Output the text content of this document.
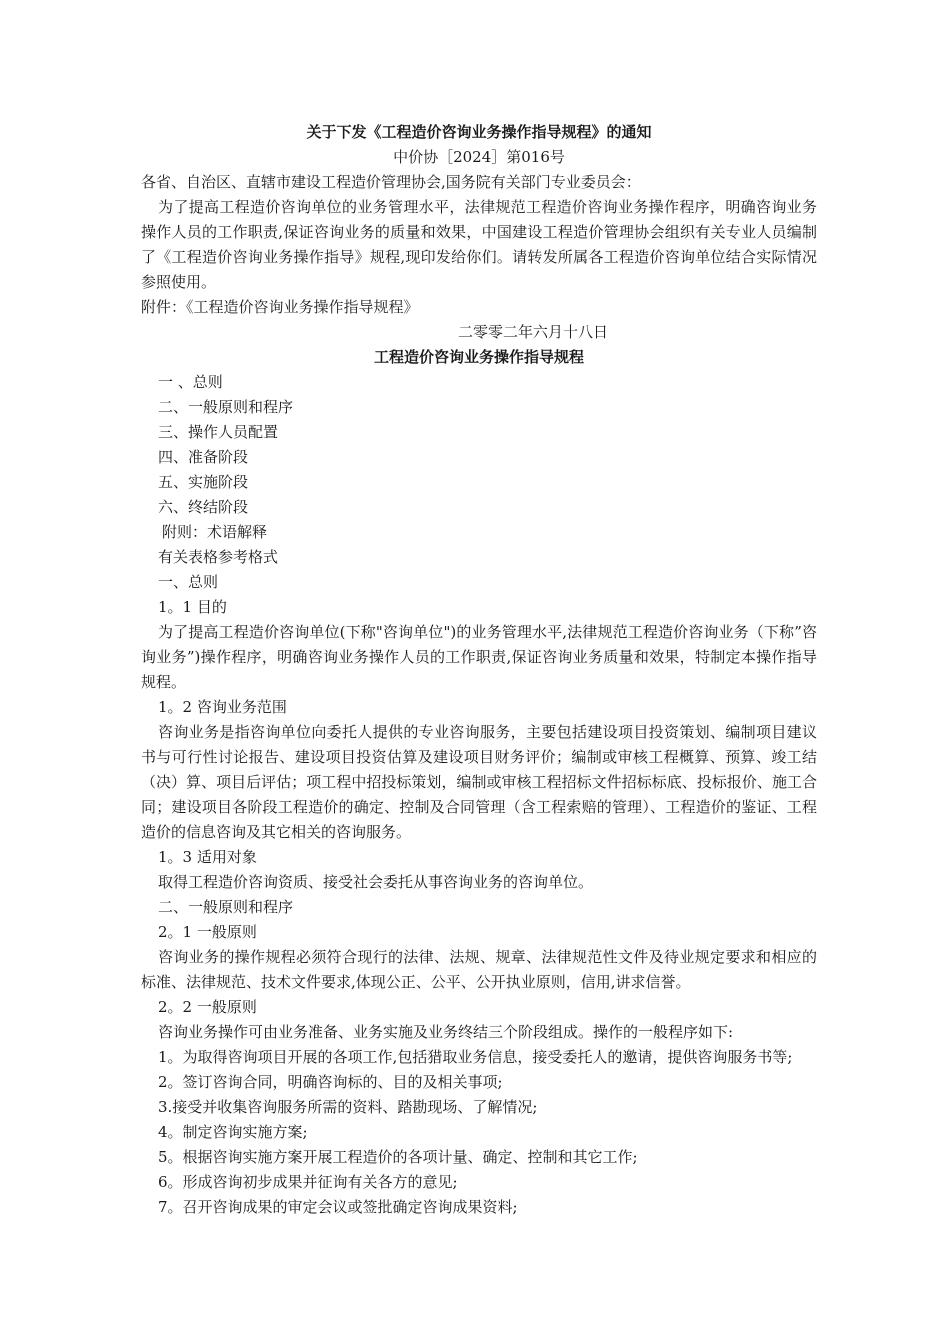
关于下发《工程造价咨询业务操作指导规程》的通知
中价协［2024］第016号
各省、自治区、直辖市建设工程造价管理协会,国务院有关部门专业委员会：
为了提高工程造价咨询单位的业务管理水平，法律规范工程造价咨询业务操作程序，明确咨询业务操作人员的工作职责,保证咨询业务的质量和效果，中国建设工程造价管理协会组织有关专业人员编制了《工程造价咨询业务操作指导》规程,现印发给你们。请转发所属各工程造价咨询单位结合实际情况参照使用。
附件：《工程造价咨询业务操作指导规程》
二零零二年六月十八日
工程造价咨询业务操作指导规程
一 、总则
二、一般原则和程序
三、操作人员配置
四、准备阶段
五、实施阶段
六、终结阶段
附则：术语解释
有关表格参考格式
一、总则
1。1 目的
为了提高工程造价咨询单位(下称"咨询单位")的业务管理水平,法律规范工程造价咨询业务（下称”咨询业务”)操作程序，明确咨询业务操作人员的工作职责,保证咨询业务质量和效果，特制定本操作指导规程。
1。2 咨询业务范围
咨询业务是指咨询单位向委托人提供的专业咨询服务，主要包括建设项目投资策划、编制项目建议书与可行性讨论报告、建设项目投资估算及建设项目财务评价；编制或审核工程概算、预算、竣工结（决）算、项目后评估；项工程中招投标策划，编制或审核工程招标文件招标标底、投标报价、施工合同；建设项目各阶段工程造价的确定、控制及合同管理（含工程索赔的管理）、工程造价的鉴证、工程造价的信息咨询及其它相关的咨询服务。
1。3 适用对象
取得工程造价咨询资质、接受社会委托从事咨询业务的咨询单位。
二、一般原则和程序
2。1 一般原则
咨询业务的操作规程必须符合现行的法律、法规、规章、法律规范性文件及待业规定要求和相应的标准、法律规范、技术文件要求,体现公正、公平、公开执业原则，信用,讲求信誉。
2。2 一般原则
咨询业务操作可由业务准备、业务实施及业务终结三个阶段组成。操作的一般程序如下:
1。为取得咨询项目开展的各项工作,包括猎取业务信息，接受委托人的邀请，提供咨询服务书等;
2。签订咨询合同，明确咨询标的、目的及相关事项;
3.接受并收集咨询服务所需的资料、踏勘现场、了解情况;
4。制定咨询实施方案;
5。根据咨询实施方案开展工程造价的各项计量、确定、控制和其它工作;
6。形成咨询初步成果并征询有关各方的意见;
7。召开咨询成果的审定会议或签批确定咨询成果资料;
